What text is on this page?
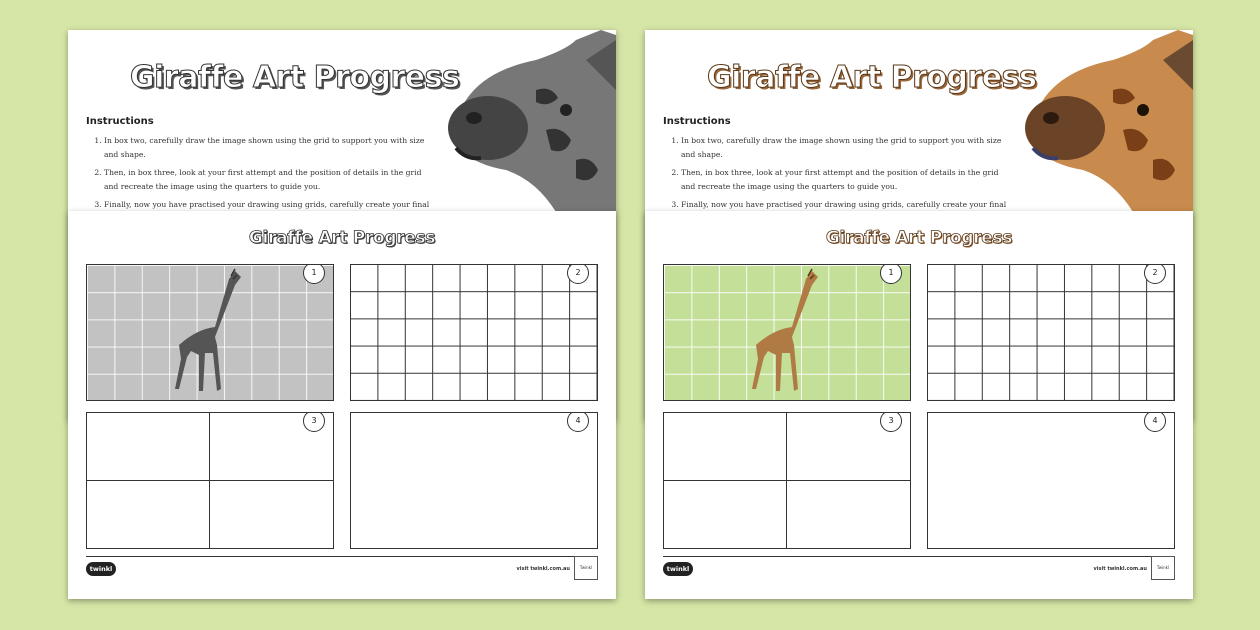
Giraffe Art Progress
Instructions
1. In box two, carefully draw the image shown using the grid to support you with size and shape.
2. Then, in box three, look at your first attempt and the position of details in the grid and recreate the image using the quarters to guide you.
3. Finally, now you have practised your drawing using grids, carefully create your final
Giraffe Art Progress
Instructions
1. In box two, carefully draw the image shown using the grid to support you with size and shape.
2. Then, in box three, look at your first attempt and the position of details in the grid and recreate the image using the quarters to guide you.
3. Finally, now you have practised your drawing using grids, carefully create your final
Giraffe Art Progress
1	2
3	4
twinkl	visit twinkl.com.au	Twinkl
Giraffe Art Progress
1	2
3	4
twinkl	visit twinkl.com.au	Twinkl
